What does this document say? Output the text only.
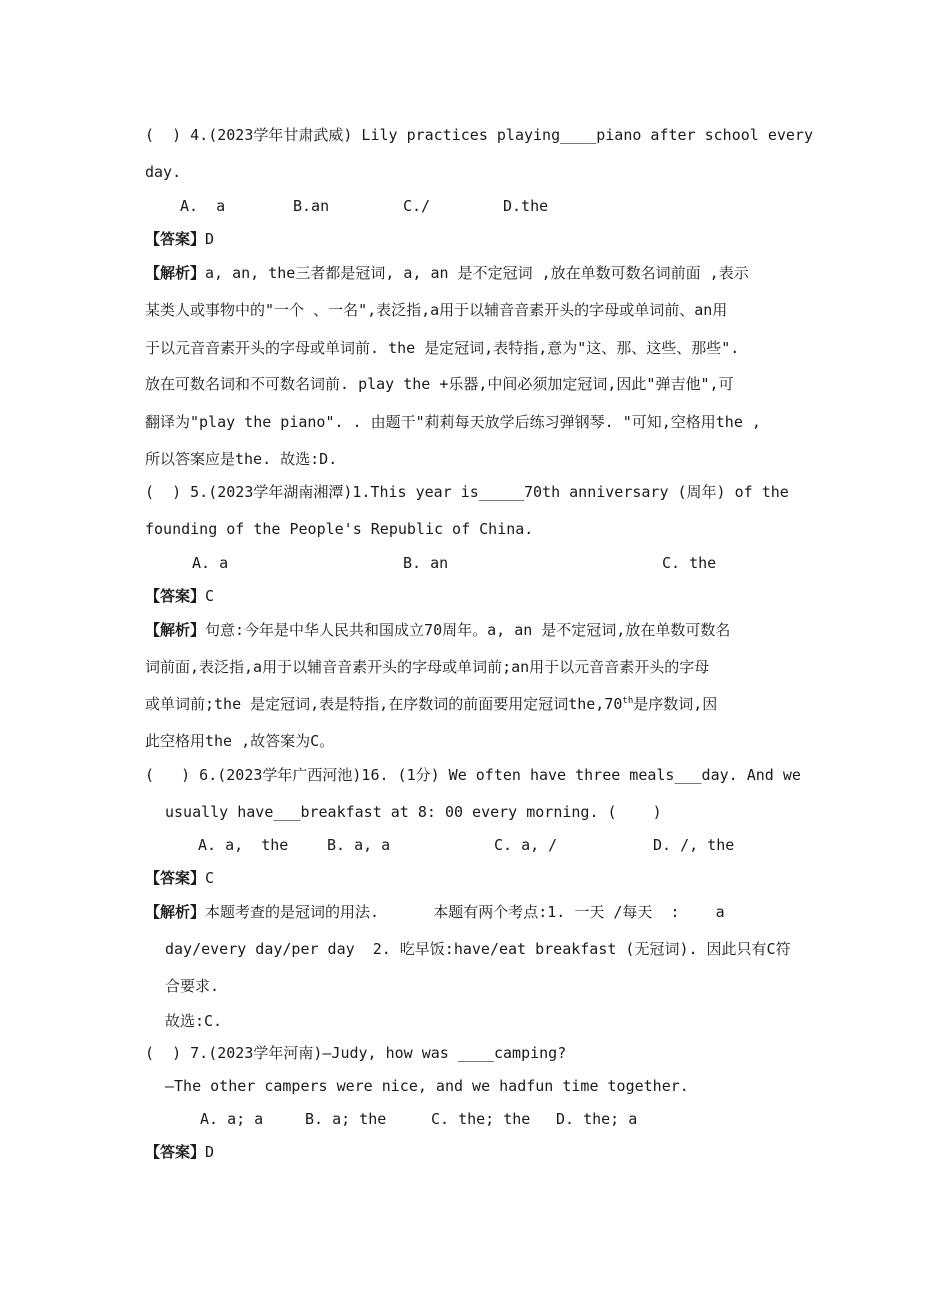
(  ) 4.(2023学年甘肃武威) Lily practices playing____piano after school every
day.
A.  a	B.an	C./	D.the
【答案】D
【解析】a, an, the三者都是冠词, a, an 是不定冠词 ,放在单数可数名词前面 ,表示
某类人或事物中的"一个 、一名",表泛指,a用于以辅音音素开头的字母或单词前、an用
于以元音音素开头的字母或单词前. the 是定冠词,表特指,意为"这、那、这些、那些".
放在可数名词和不可数名词前. play the +乐器,中间必须加定冠词,因此"弹吉他",可
翻译为"play the piano". . 由题干"莉莉每天放学后练习弹钢琴. "可知,空格用the ,
所以答案应是the. 故选:D.
(  ) 5.(2023学年湖南湘潭)1.This year is_____70th anniversary (周年) of the
founding of the People's Republic of China.
A. a	B. an	C. the
【答案】C
【解析】句意:今年是中华人民共和国成立70周年。a, an 是不定冠词,放在单数可数名
词前面,表泛指,a用于以辅音音素开头的字母或单词前;an用于以元音音素开头的字母
或单词前;the 是定冠词,表是特指,在序数词的前面要用定冠词the,70th是序数词,因
此空格用the ,故答案为C。
(   ) 6.(2023学年广西河池)16. (1分) We often have three meals___day. And we
usually have___breakfast at 8: 00 every morning. (    )
A. a,  the	B. a, a	C. a, /	D. /, the
【答案】C
【解析】本题考查的是冠词的用法.      本题有两个考点:1. 一天 /每天  :    a
day/every day/per day  2. 吃早饭:have/eat breakfast (无冠词). 因此只有C符
合要求.
故选:C.
(  ) 7.(2023学年河南)—Judy, how was ____camping?
—The other campers were nice, and we hadfun time together.
A. a; a	B. a; the	C. the; the D. the; a
【答案】D
